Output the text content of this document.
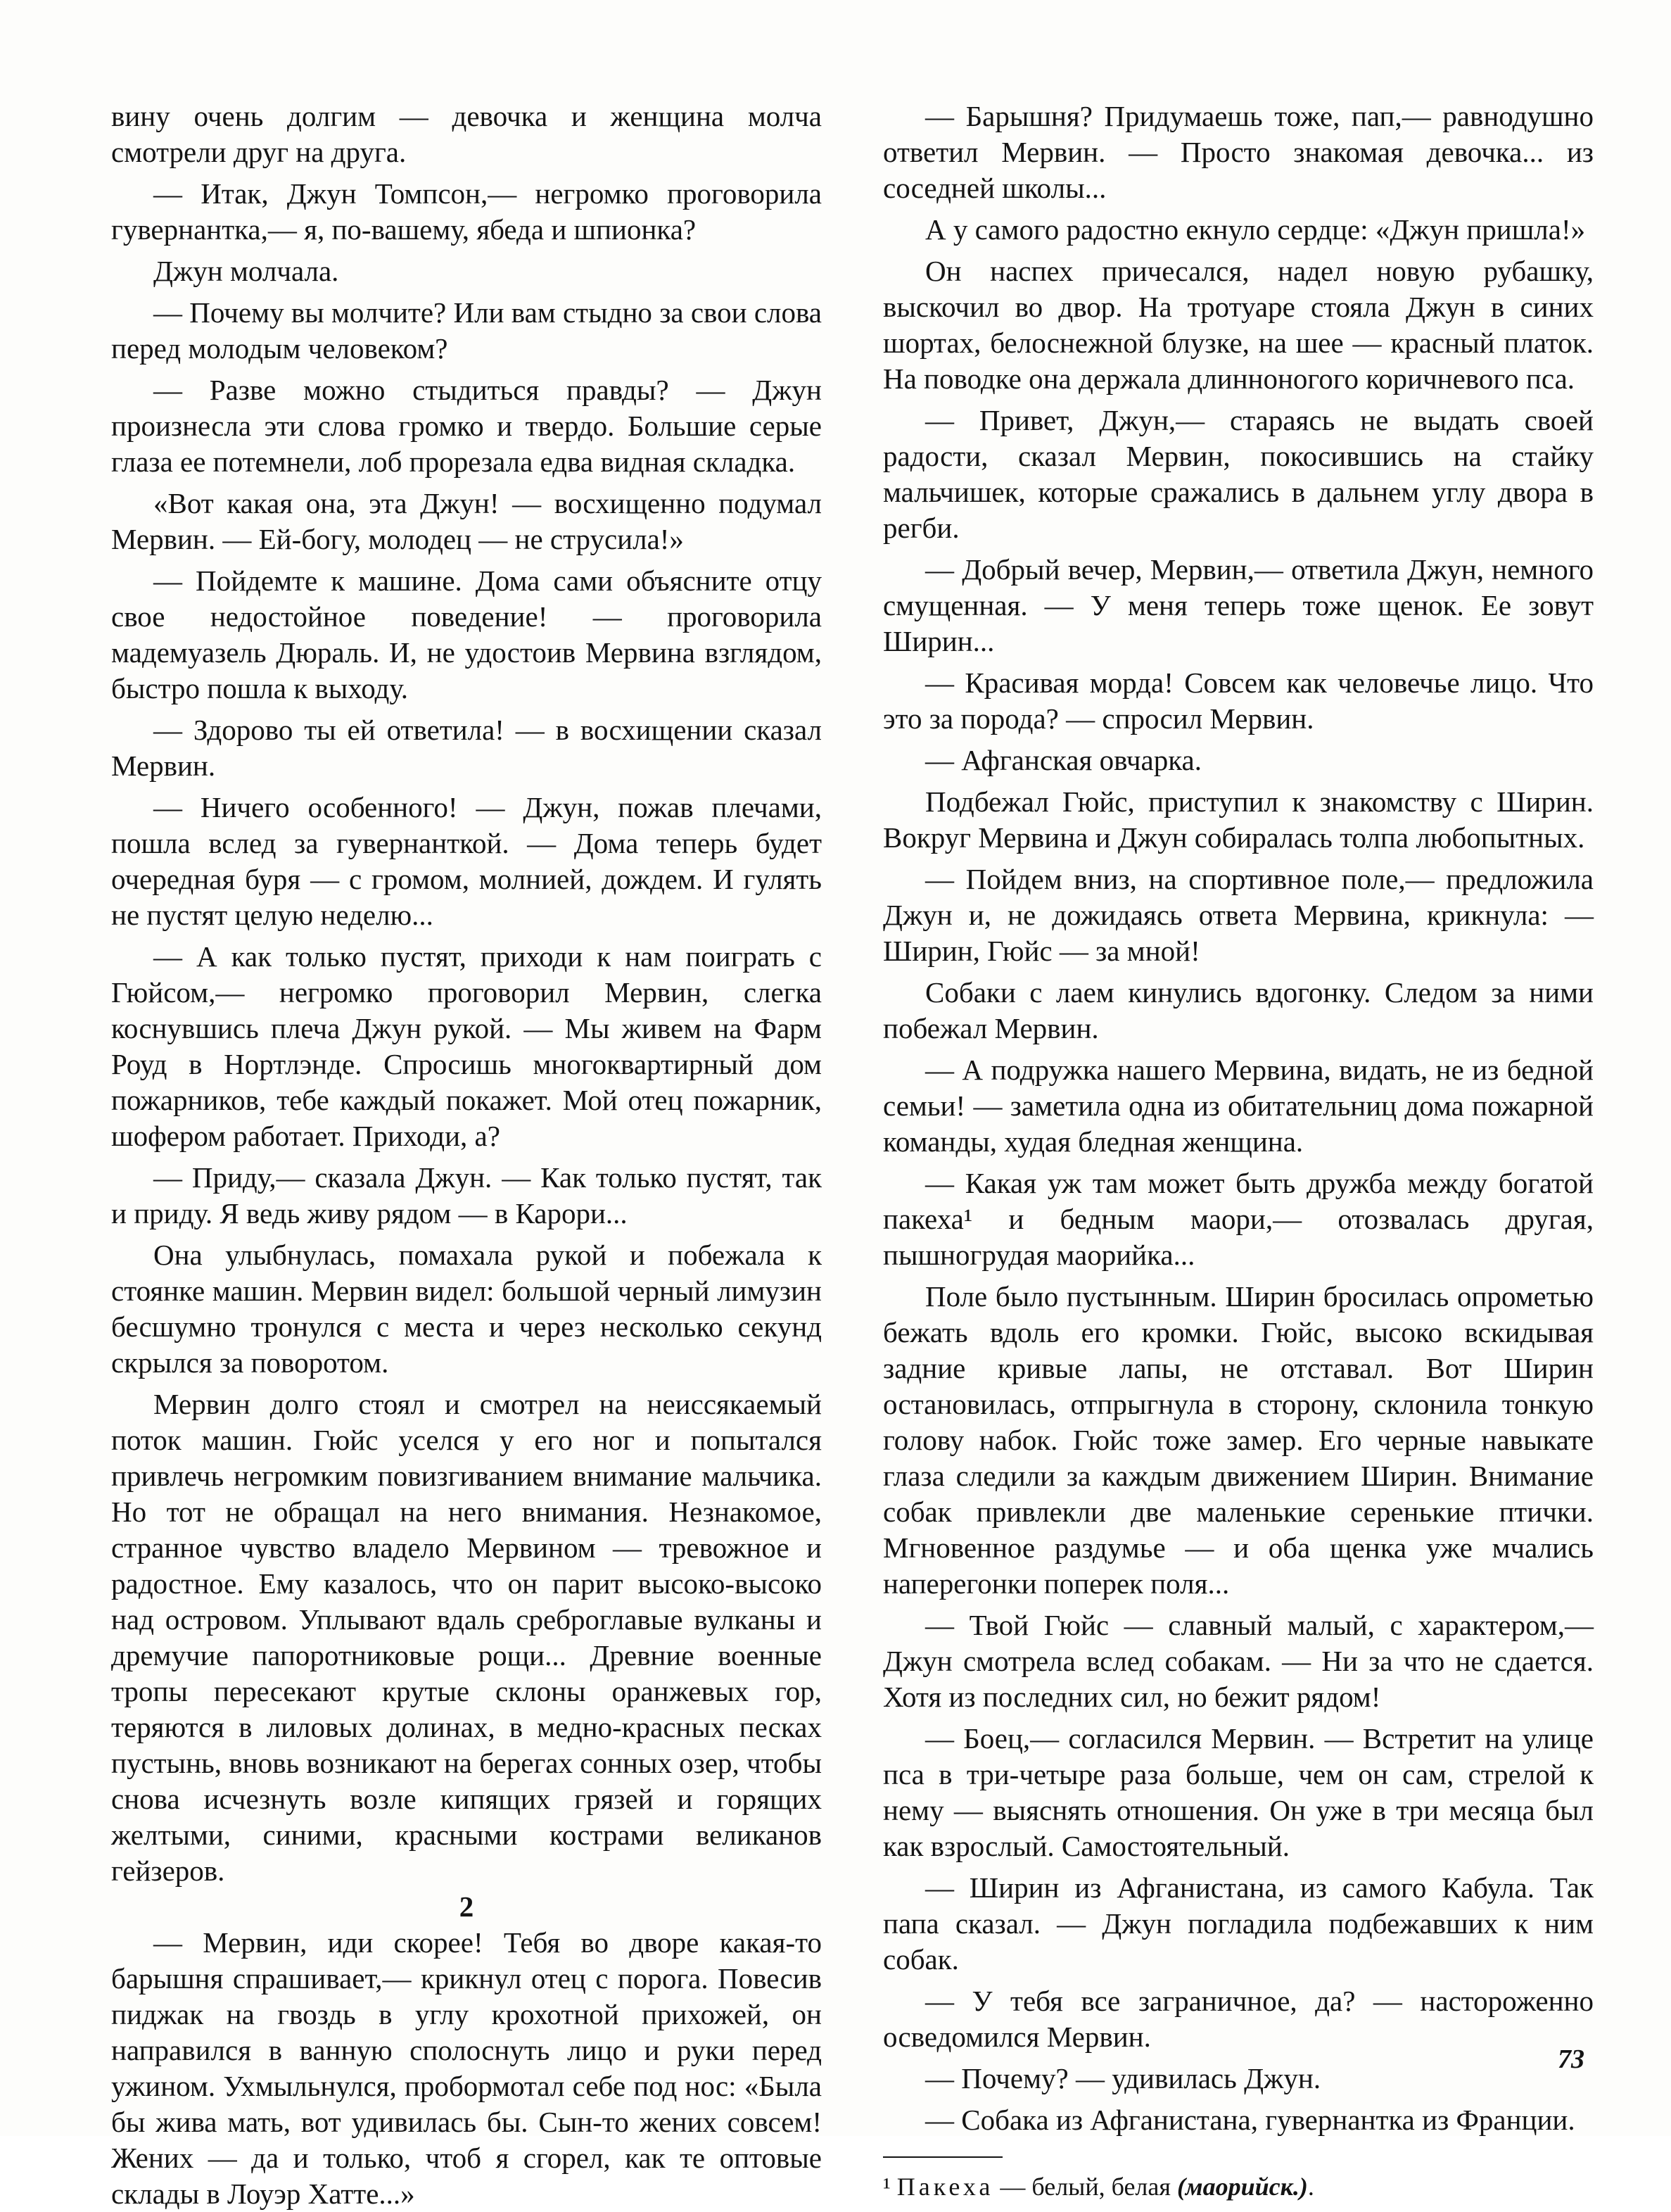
вину очень долгим — девочка и женщина молча смотрели друг на друга.

— Итак, Джун Томпсон,— негромко проговорила гувернантка,— я, по-вашему, ябеда и шпионка?

Джун молчала.

— Почему вы молчите? Или вам стыдно за свои слова перед молодым человеком?

— Разве можно стыдиться правды? — Джун произнесла эти слова громко и твердо. Большие серые глаза ее потемнели, лоб прорезала едва видная складка.

«Вот какая она, эта Джун! — восхищенно подумал Мервин. — Ей-богу, молодец — не струсила!»

— Пойдемте к машине. Дома сами объясните отцу свое недостойное поведение! — проговорила мадемуазель Дюраль. И, не удостоив Мервина взглядом, быстро пошла к выходу.

— Здорово ты ей ответила! — в восхищении сказал Мервин.

— Ничего особенного! — Джун, пожав плечами, пошла вслед за гувернанткой. — Дома теперь будет очередная буря — с громом, молнией, дождем. И гулять не пустят целую неделю...

— А как только пустят, приходи к нам поиграть с Гюйсом,— негромко проговорил Мервин, слегка коснувшись плеча Джун рукой. — Мы живем на Фарм Роуд в Нортлэнде. Спросишь многоквартирный дом пожарников, тебе каждый покажет. Мой отец пожарник, шофером работает. Приходи, а?

— Приду,— сказала Джун. — Как только пустят, так и приду. Я ведь живу рядом — в Карори...

Она улыбнулась, помахала рукой и побежала к стоянке машин. Мервин видел: большой черный лимузин бесшумно тронулся с места и через несколько секунд скрылся за поворотом.

Мервин долго стоял и смотрел на неиссякаемый поток машин. Гюйс уселся у его ног и попытался привлечь негромким повизгиванием внимание мальчика. Но тот не обращал на него внимания. Незнакомое, странное чувство владело Мервином — тревожное и радостное. Ему казалось, что он парит высоко-высоко над островом. Уплывают вдаль среброглавые вулканы и дремучие папоротниковые рощи... Древние военные тропы пересекают крутые склоны оранжевых гор, теряются в лиловых долинах, в медно-красных песках пустынь, вновь возникают на берегах сонных озер, чтобы снова исчезнуть возле кипящих грязей и горящих желтыми, синими, красными кострами великанов гейзеров.

2

— Мервин, иди скорее! Тебя во дворе какая-то барышня спрашивает,— крикнул отец с порога. Повесив пиджак на гвоздь в углу крохотной прихожей, он направился в ванную сполоснуть лицо и руки перед ужином. Ухмыльнулся, пробормотал себе под нос: «Была бы жива мать, вот удивилась бы. Сын-то жених совсем! Жених — да и только, чтоб я сгорел, как те оптовые склады в Лоуэр Хатте...»

— Барышня? Придумаешь тоже, пап,— равнодушно ответил Мервин. — Просто знакомая девочка... из соседней школы...

А у самого радостно екнуло сердце: «Джун пришла!»

Он наспех причесался, надел новую рубашку, выскочил во двор. На тротуаре стояла Джун в синих шортах, белоснежной блузке, на шее — красный платок. На поводке она держала длинноногого коричневого пса.

— Привет, Джун,— стараясь не выдать своей радости, сказал Мервин, покосившись на стайку мальчишек, которые сражались в дальнем углу двора в регби.

— Добрый вечер, Мервин,— ответила Джун, немного смущенная. — У меня теперь тоже щенок. Ее зовут Ширин...

— Красивая морда! Совсем как человечье лицо. Что это за порода? — спросил Мервин.

— Афганская овчарка.

Подбежал Гюйс, приступил к знакомству с Ширин. Вокруг Мервина и Джун собиралась толпа любопытных.

— Пойдем вниз, на спортивное поле,— предложила Джун и, не дожидаясь ответа Мервина, крикнула: — Ширин, Гюйс — за мной!

Собаки с лаем кинулись вдогонку. Следом за ними побежал Мервин.

— А подружка нашего Мервина, видать, не из бедной семьи! — заметила одна из обитательниц дома пожарной команды, худая бледная женщина.

— Какая уж там может быть дружба между богатой пакеха¹ и бедным маори,— отозвалась другая, пышногрудая маорийка...

Поле было пустынным. Ширин бросилась опрометью бежать вдоль его кромки. Гюйс, высоко вскидывая задние кривые лапы, не отставал. Вот Ширин остановилась, отпрыгнула в сторону, склонила тонкую голову набок. Гюйс тоже замер. Его черные навыкате глаза следили за каждым движением Ширин. Внимание собак привлекли две маленькие серенькие птички. Мгновенное раздумье — и оба щенка уже мчались наперегонки поперек поля...

— Твой Гюйс — славный малый, с характером,— Джун смотрела вслед собакам. — Ни за что не сдается. Хотя из последних сил, но бежит рядом!

— Боец,— согласился Мервин. — Встретит на улице пса в три-четыре раза больше, чем он сам, стрелой к нему — выяснять отношения. Он уже в три месяца был как взрослый. Самостоятельный.

— Ширин из Афганистана, из самого Кабула. Так папа сказал. — Джун погладила подбежавших к ним собак.

— У тебя все заграничное, да? — настороженно осведомился Мервин.

— Почему? — удивилась Джун.

— Собака из Афганистана, гувернантка из Франции.

¹ Пакеха — белый, белая (маорийск.).

73
